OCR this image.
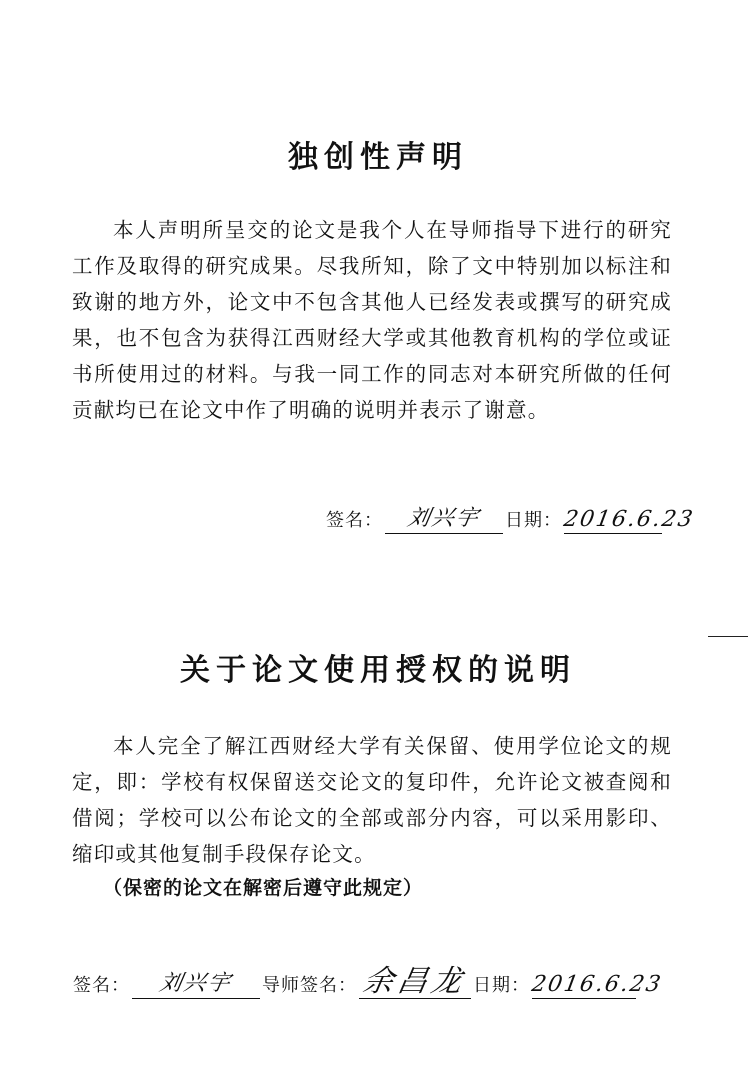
独创性声明

本人声明所呈交的论文是我个人在导师指导下进行的研究工作及取得的研究成果。尽我所知，除了文中特别加以标注和致谢的地方外，论文中不包含其他人已经发表或撰写的研究成果，也不包含为获得江西财经大学或其他教育机构的学位或证书所使用过的材料。与我一同工作的同志对本研究所做的任何贡献均已在论文中作了明确的说明并表示了谢意。

签名：	刘兴宇	日期： 2016.6.23
关于论文使用授权的说明

本人完全了解江西财经大学有关保留、使用学位论文的规定，即：学校有权保留送交论文的复印件，允许论文被查阅和借阅；学校可以公布论文的全部或部分内容，可以采用影印、缩印或其他复制手段保存论文。

（保密的论文在解密后遵守此规定）

签名：	刘兴宇	导师签名： 余昌龙 日期： 2016.6.23
